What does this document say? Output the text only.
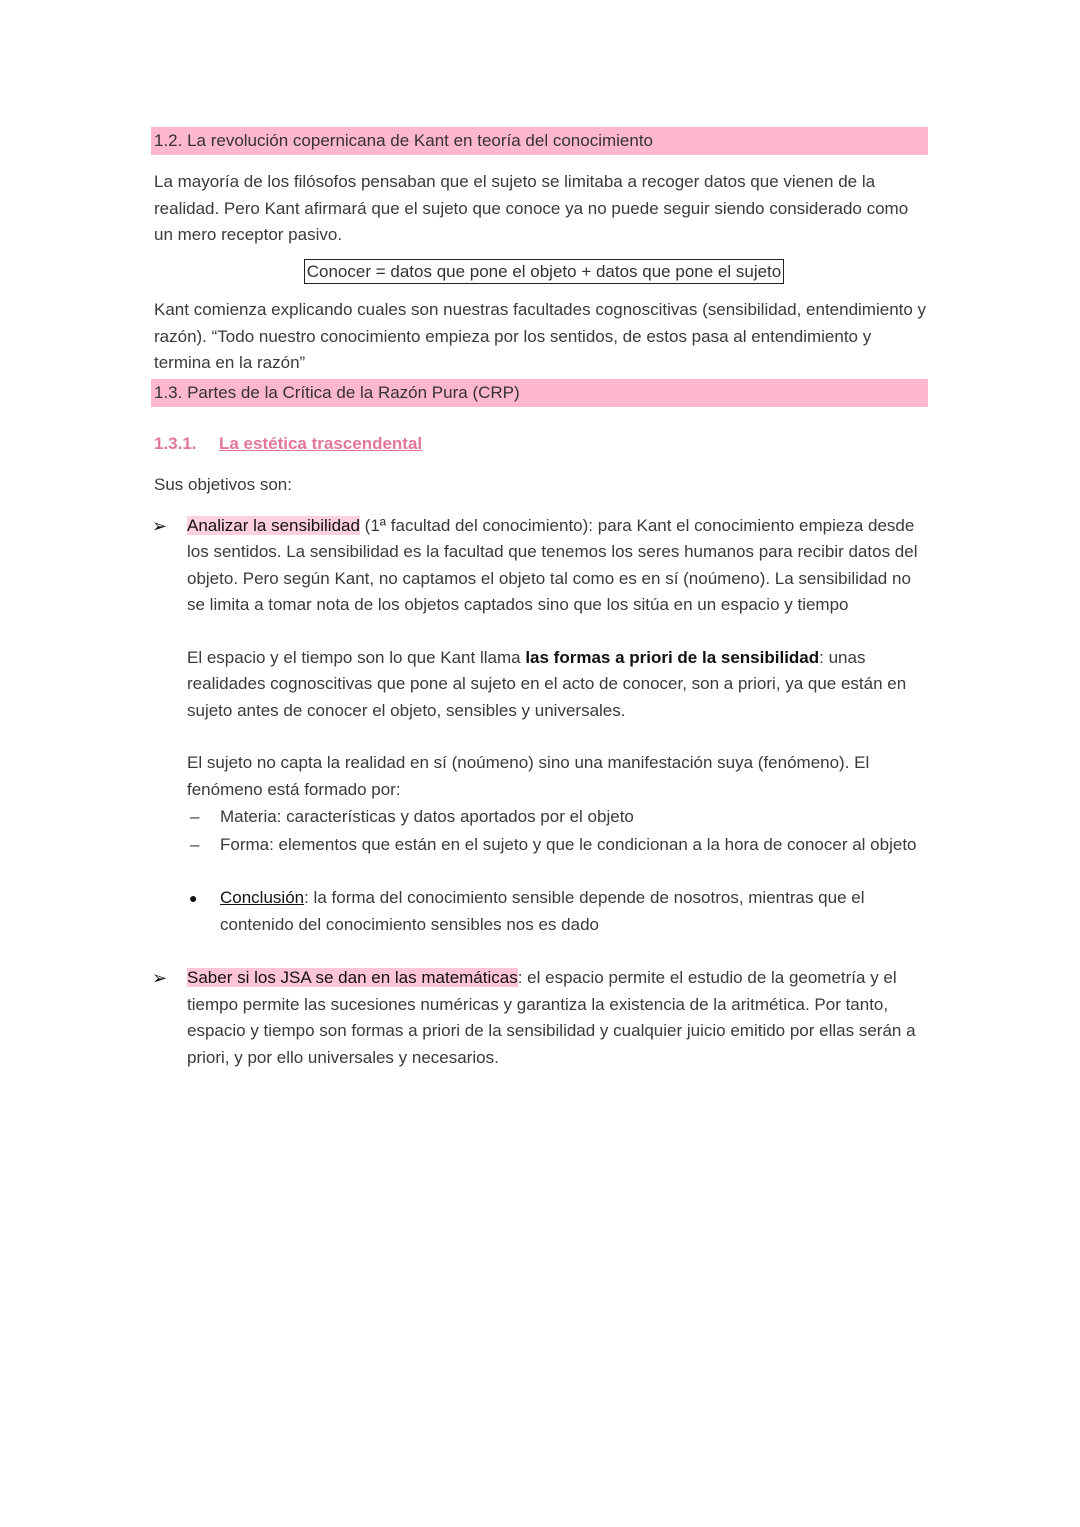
1.2. La revolución copernicana de Kant en teoría del conocimiento

La mayoría de los filósofos pensaban que el sujeto se limitaba a recoger datos que vienen de la realidad. Pero Kant afirmará que el sujeto que conoce ya no puede seguir siendo considerado como un mero receptor pasivo.

Conocer = datos que pone el objeto + datos que pone el sujeto

Kant comienza explicando cuales son nuestras facultades cognoscitivas (sensibilidad, entendimiento y razón). “Todo nuestro conocimiento empieza por los sentidos, de estos pasa al entendimiento y termina en la razón”

1.3. Partes de la Crítica de la Razón Pura (CRP)

1.3.1. La estética trascendental

Sus objetivos son:

➢ Analizar la sensibilidad (1ª facultad del conocimiento): para Kant el conocimiento empieza desde los sentidos. La sensibilidad es la facultad que tenemos los seres humanos para recibir datos del objeto. Pero según Kant, no captamos el objeto tal como es en sí (noúmeno). La sensibilidad no se limita a tomar nota de los objetos captados sino que los sitúa en un espacio y tiempo

El espacio y el tiempo son lo que Kant llama las formas a priori de la sensibilidad: unas realidades cognoscitivas que pone al sujeto en el acto de conocer, son a priori, ya que están en sujeto antes de conocer el objeto, sensibles y universales.

El sujeto no capta la realidad en sí (noúmeno) sino una manifestación suya (fenómeno). El fenómeno está formado por:

– Materia: características y datos aportados por el objeto
– Forma: elementos que están en el sujeto y que le condicionan a la hora de conocer al objeto
● Conclusión: la forma del conocimiento sensible depende de nosotros, mientras que el contenido del conocimiento sensibles nos es dado
➢ Saber si los JSA se dan en las matemáticas: el espacio permite el estudio de la geometría y el tiempo permite las sucesiones numéricas y garantiza la existencia de la aritmética. Por tanto, espacio y tiempo son formas a priori de la sensibilidad y cualquier juicio emitido por ellas serán a priori, y por ello universales y necesarios.
